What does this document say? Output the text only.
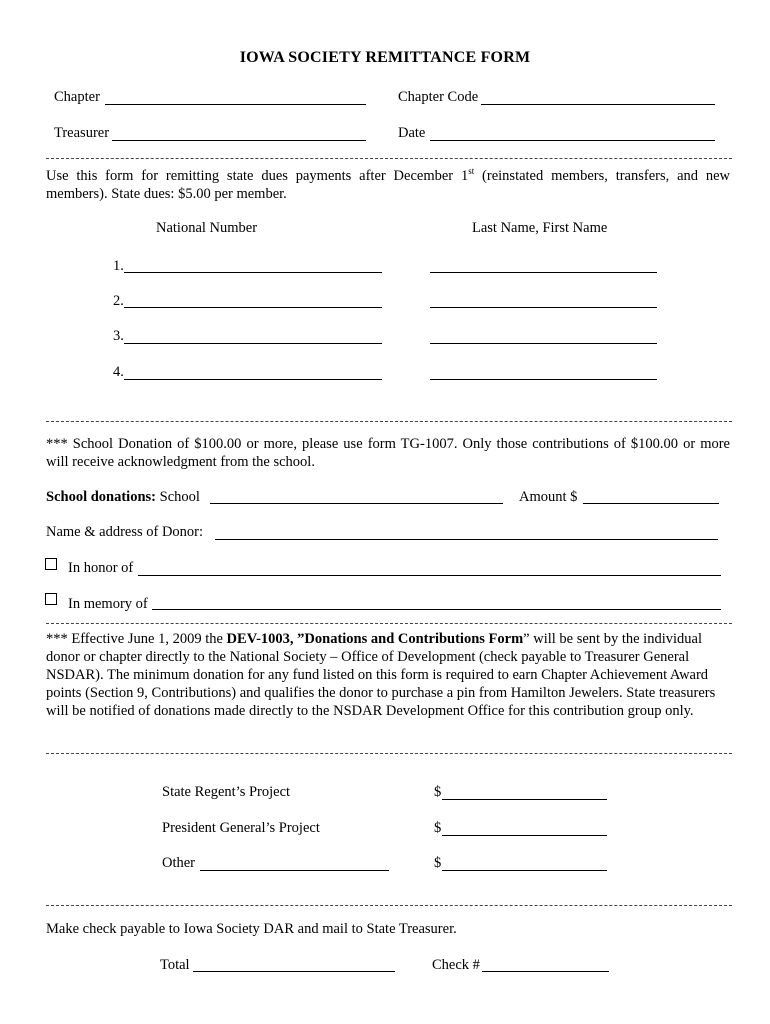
IOWA SOCIETY REMITTANCE FORM
Chapter	Chapter Code
Treasurer	Date
Use this form for remitting state dues payments after December 1st (reinstated members, transfers, and new members). State dues: $5.00 per member.
National Number	Last Name, First Name
1.
2.
3.
4.
*** School Donation of $100.00 or more, please use form TG-1007. Only those contributions of $100.00 or more will receive acknowledgment from the school.
School donations: School	Amount $
Name & address of Donor:
In honor of
In memory of
*** Effective June 1, 2009 the DEV-1003, ”Donations and Contributions Form” will be sent by the individual donor or chapter directly to the National Society – Office of Development (check payable to Treasurer General NSDAR). The minimum donation for any fund listed on this form is required to earn Chapter Achievement Award points (Section 9, Contributions) and qualifies the donor to purchase a pin from Hamilton Jewelers. State treasurers will be notified of donations made directly to the NSDAR Development Office for this contribution group only.
State Regent’s Project	$
President General’s Project	$
Other	$
Make check payable to Iowa Society DAR and mail to State Treasurer.
Total	Check #
